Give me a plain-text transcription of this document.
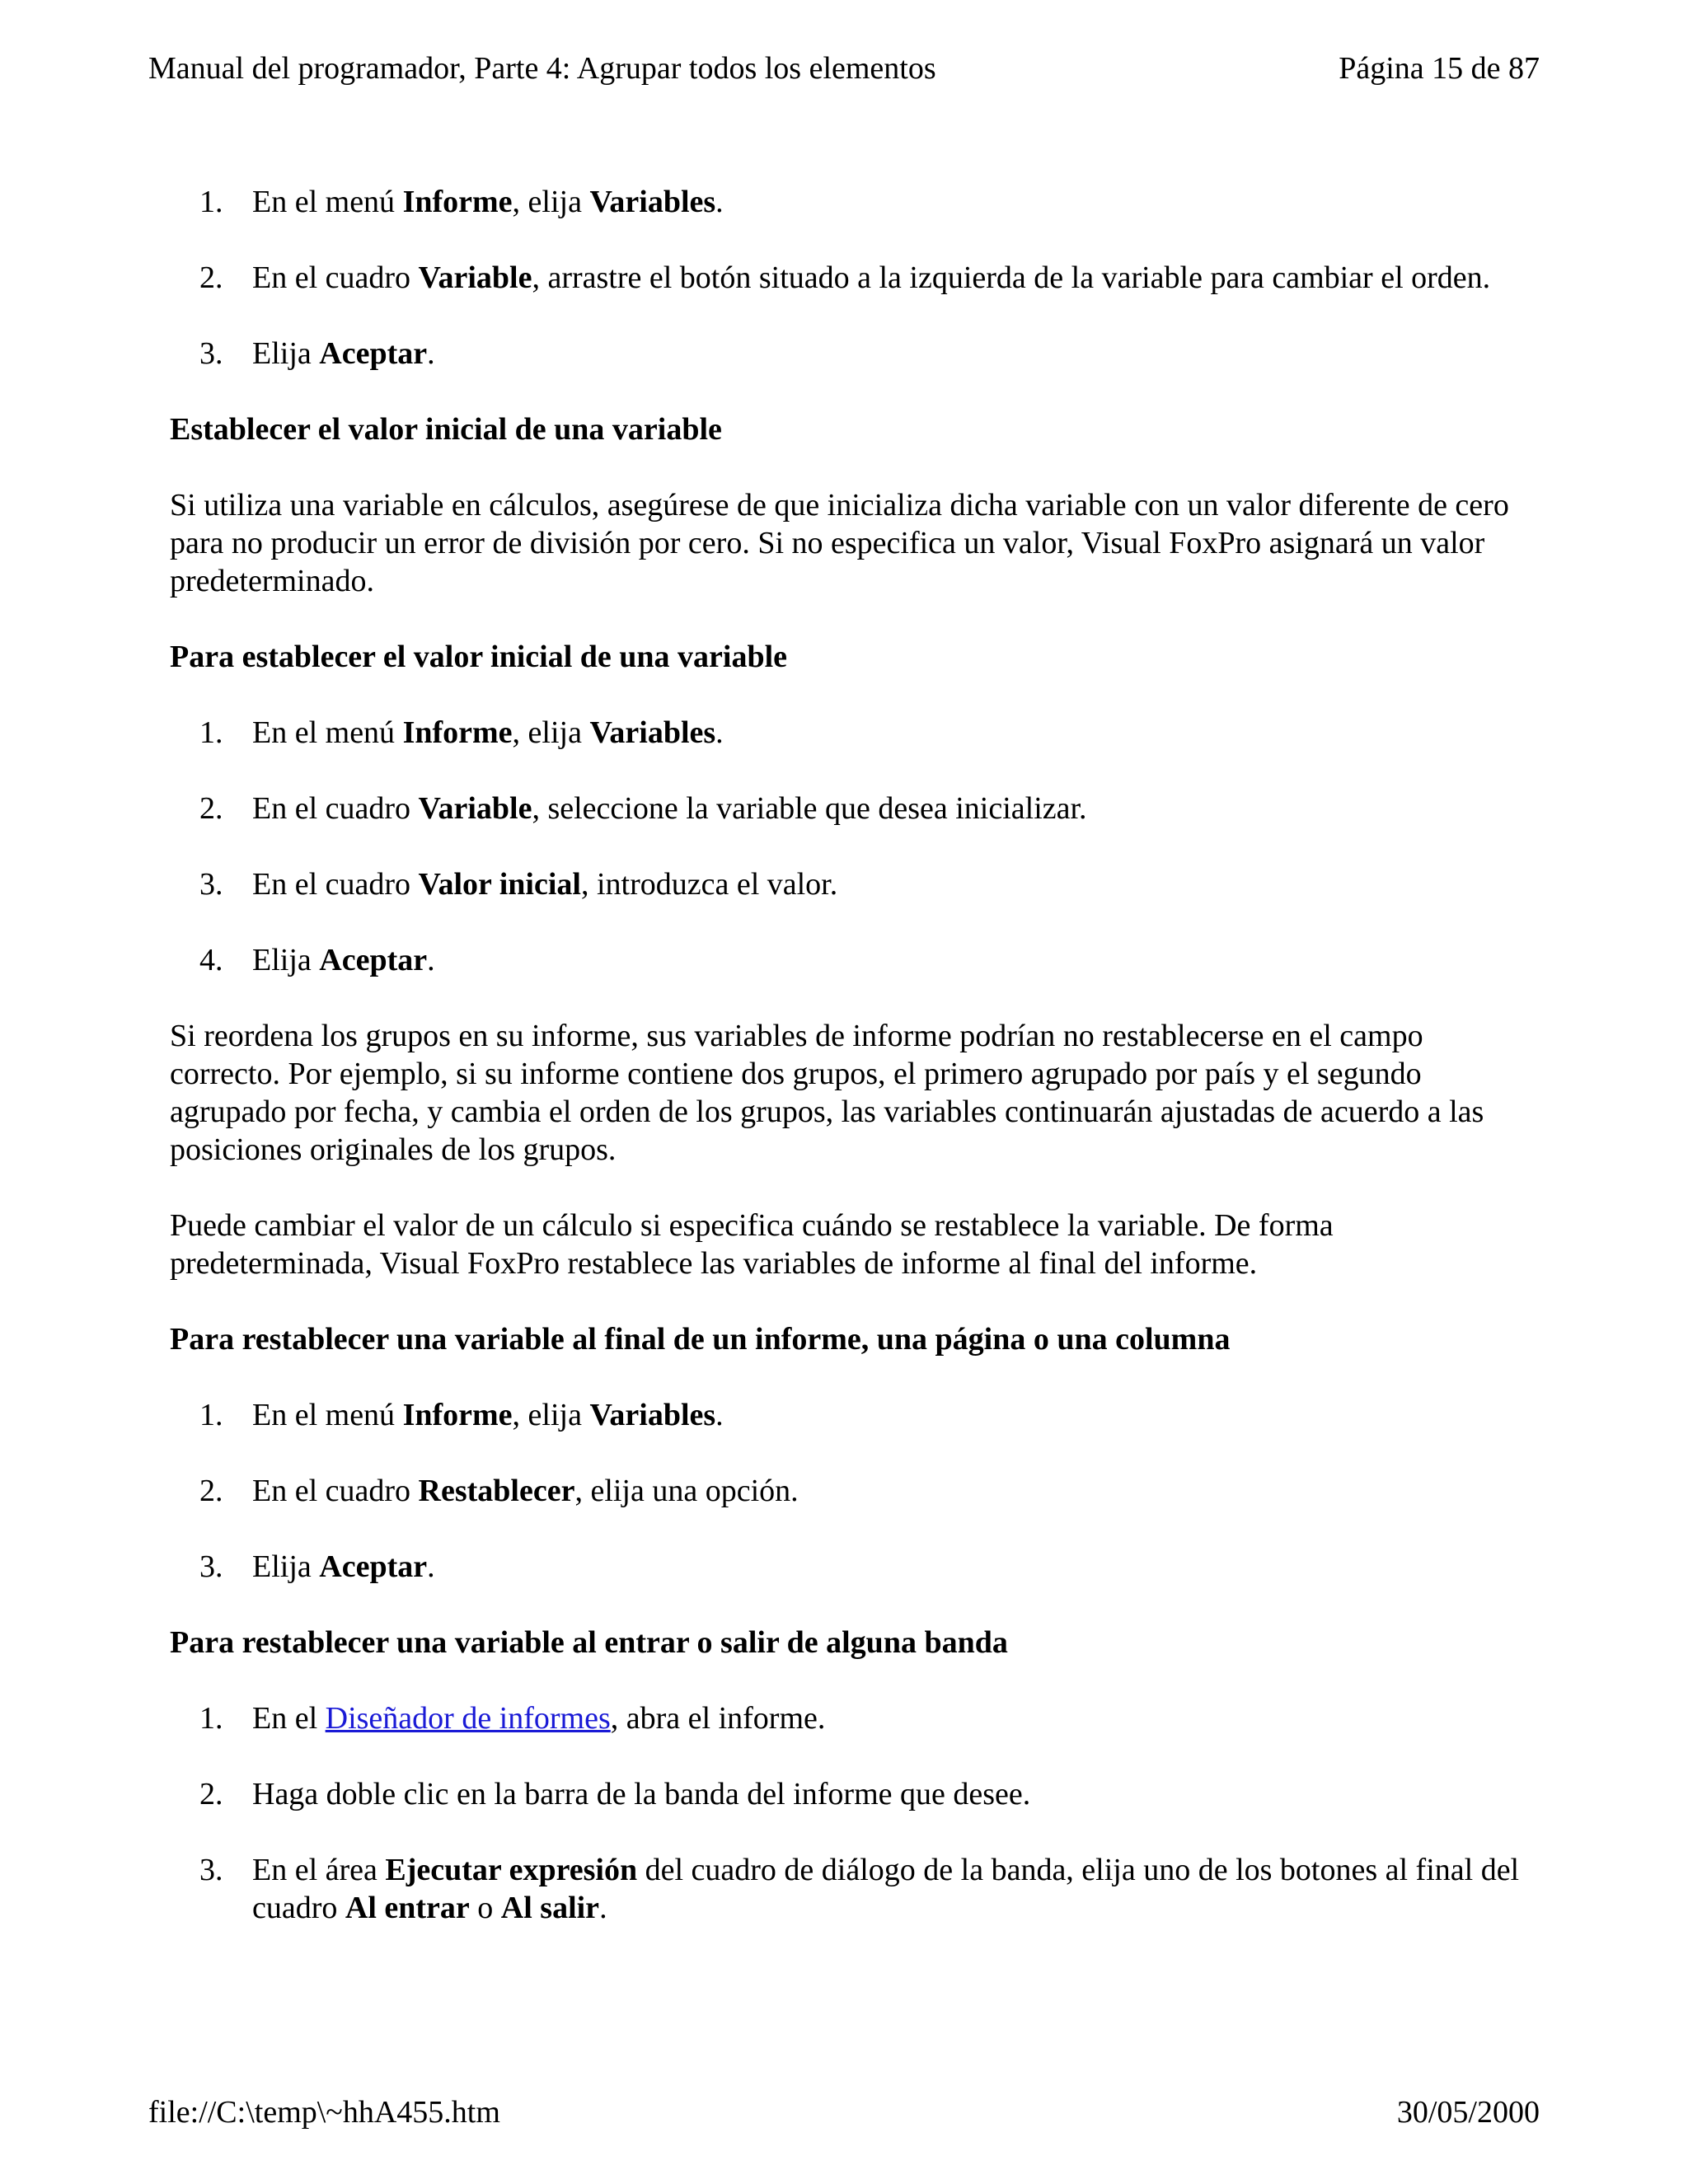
Manual del programador, Parte 4: Agrupar todos los elementos	Página 15 de 87
1. En el menú Informe, elija Variables.
2. En el cuadro Variable, arrastre el botón situado a la izquierda de la variable para cambiar el orden.
3. Elija Aceptar.

Establecer el valor inicial de una variable

Si utiliza una variable en cálculos, asegúrese de que inicializa dicha variable con un valor diferente de cero para no producir un error de división por cero. Si no especifica un valor, Visual FoxPro asignará un valor predeterminado.

Para establecer el valor inicial de una variable

1. En el menú Informe, elija Variables.
2. En el cuadro Variable, seleccione la variable que desea inicializar.
3. En el cuadro Valor inicial, introduzca el valor.
4. Elija Aceptar.

Si reordena los grupos en su informe, sus variables de informe podrían no restablecerse en el campo correcto. Por ejemplo, si su informe contiene dos grupos, el primero agrupado por país y el segundo agrupado por fecha, y cambia el orden de los grupos, las variables continuarán ajustadas de acuerdo a las posiciones originales de los grupos.

Puede cambiar el valor de un cálculo si especifica cuándo se restablece la variable. De forma predeterminada, Visual FoxPro restablece las variables de informe al final del informe.

Para restablecer una variable al final de un informe, una página o una columna

1. En el menú Informe, elija Variables.
2. En el cuadro Restablecer, elija una opción.
3. Elija Aceptar.

Para restablecer una variable al entrar o salir de alguna banda

1. En el Diseñador de informes, abra el informe.
2. Haga doble clic en la barra de la banda del informe que desee.
3. En el área Ejecutar expresión del cuadro de diálogo de la banda, elija uno de los botones al final del cuadro Al entrar o Al salir.
file://C:\temp\~hhA455.htm	30/05/2000
